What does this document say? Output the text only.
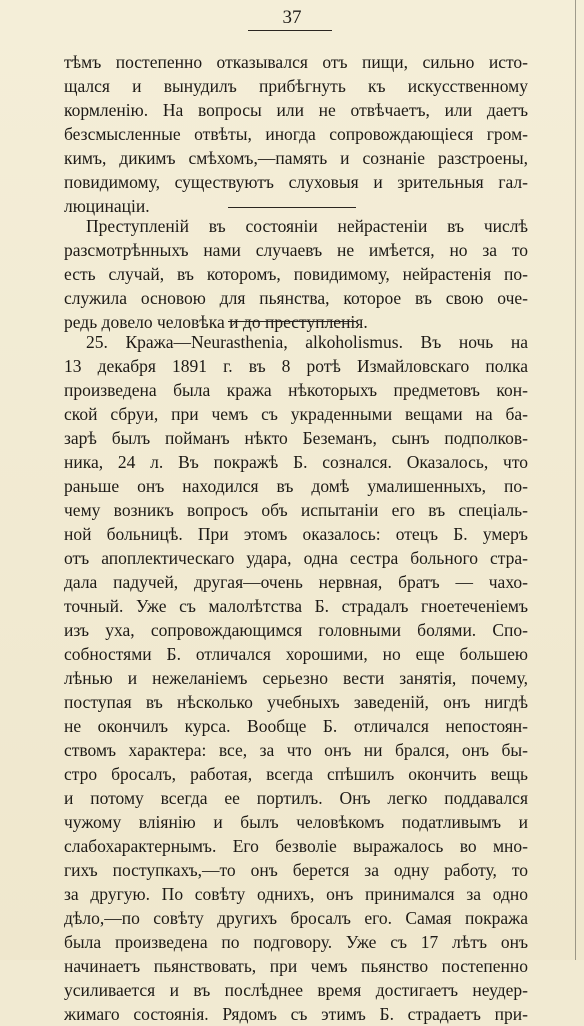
37
тѣмъ постепенно отказывался отъ пищи, сильно исто-
щался и вынудилъ прибѣгнуть къ искусственному
кормленію. На вопросы или не отвѣчаетъ, или даетъ
безсмысленные отвѣты, иногда сопровождающіеся гром-
кимъ, дикимъ смѣхомъ,—память и сознаніе разстроены,
повидимому, существуютъ слуховыя и зрительныя гал-
люцинаціи.
Преступленій въ состояніи нейрастеніи въ числѣ
разсмотрѣнныхъ нами случаевъ не имѣется, но за то
есть случай, въ которомъ, повидимому, нейрастенія по-
служила основою для пьянства, которое въ свою оче-
редь довело человѣка и до преступленія.
25. Кража—Neurasthenia, alkoholismus. Въ ночь на
13 декабря 1891 г. въ 8 ротѣ Измайловскаго полка
произведена была кража нѣкоторыхъ предметовъ кон-
ской сбруи, при чемъ съ украденными вещами на ба-
зарѣ былъ пойманъ нѣкто Беземанъ, сынъ подполков-
ника, 24 л. Въ покражѣ Б. сознался. Оказалось, что
раньше онъ находился въ домѣ умалишенныхъ, по-
чему возникъ вопросъ объ испытаніи его въ спеціаль-
ной больницѣ. При этомъ оказалось: отецъ Б. умеръ
отъ апоплектическаго удара, одна сестра больного стра-
дала падучей, другая—очень нервная, братъ — чахо-
точный. Уже съ малолѣтства Б. страдалъ гноетеченіемъ
изъ уха, сопровождающимся головными болями. Спо-
собностями Б. отличался хорошими, но еще большею
лѣнью и нежеланіемъ серьезно вести занятія, почему,
поступая въ нѣсколько учебныхъ заведеній, онъ нигдѣ
не окончилъ курса. Вообще Б. отличался непостоян-
ствомъ характера: все, за что онъ ни брался, онъ бы-
стро бросалъ, работая, всегда спѣшилъ окончить вещь
и потому всегда ее портилъ. Онъ легко поддавался
чужому вліянію и былъ человѣкомъ податливымъ и
слабохарактернымъ. Его безволіе выражалось во мно-
гихъ поступкахъ,—то онъ берется за одну работу, то
за другую. По совѣту однихъ, онъ принимался за одно
дѣло,—по совѣту другихъ бросалъ его. Самая покража
была произведена по подговору. Уже съ 17 лѣтъ онъ
начинаетъ пьянствовать, при чемъ пьянство постепенно
усиливается и въ послѣднее время достигаетъ неудер-
жимаго состоянія. Рядомъ съ этимъ Б. страдаетъ при-
